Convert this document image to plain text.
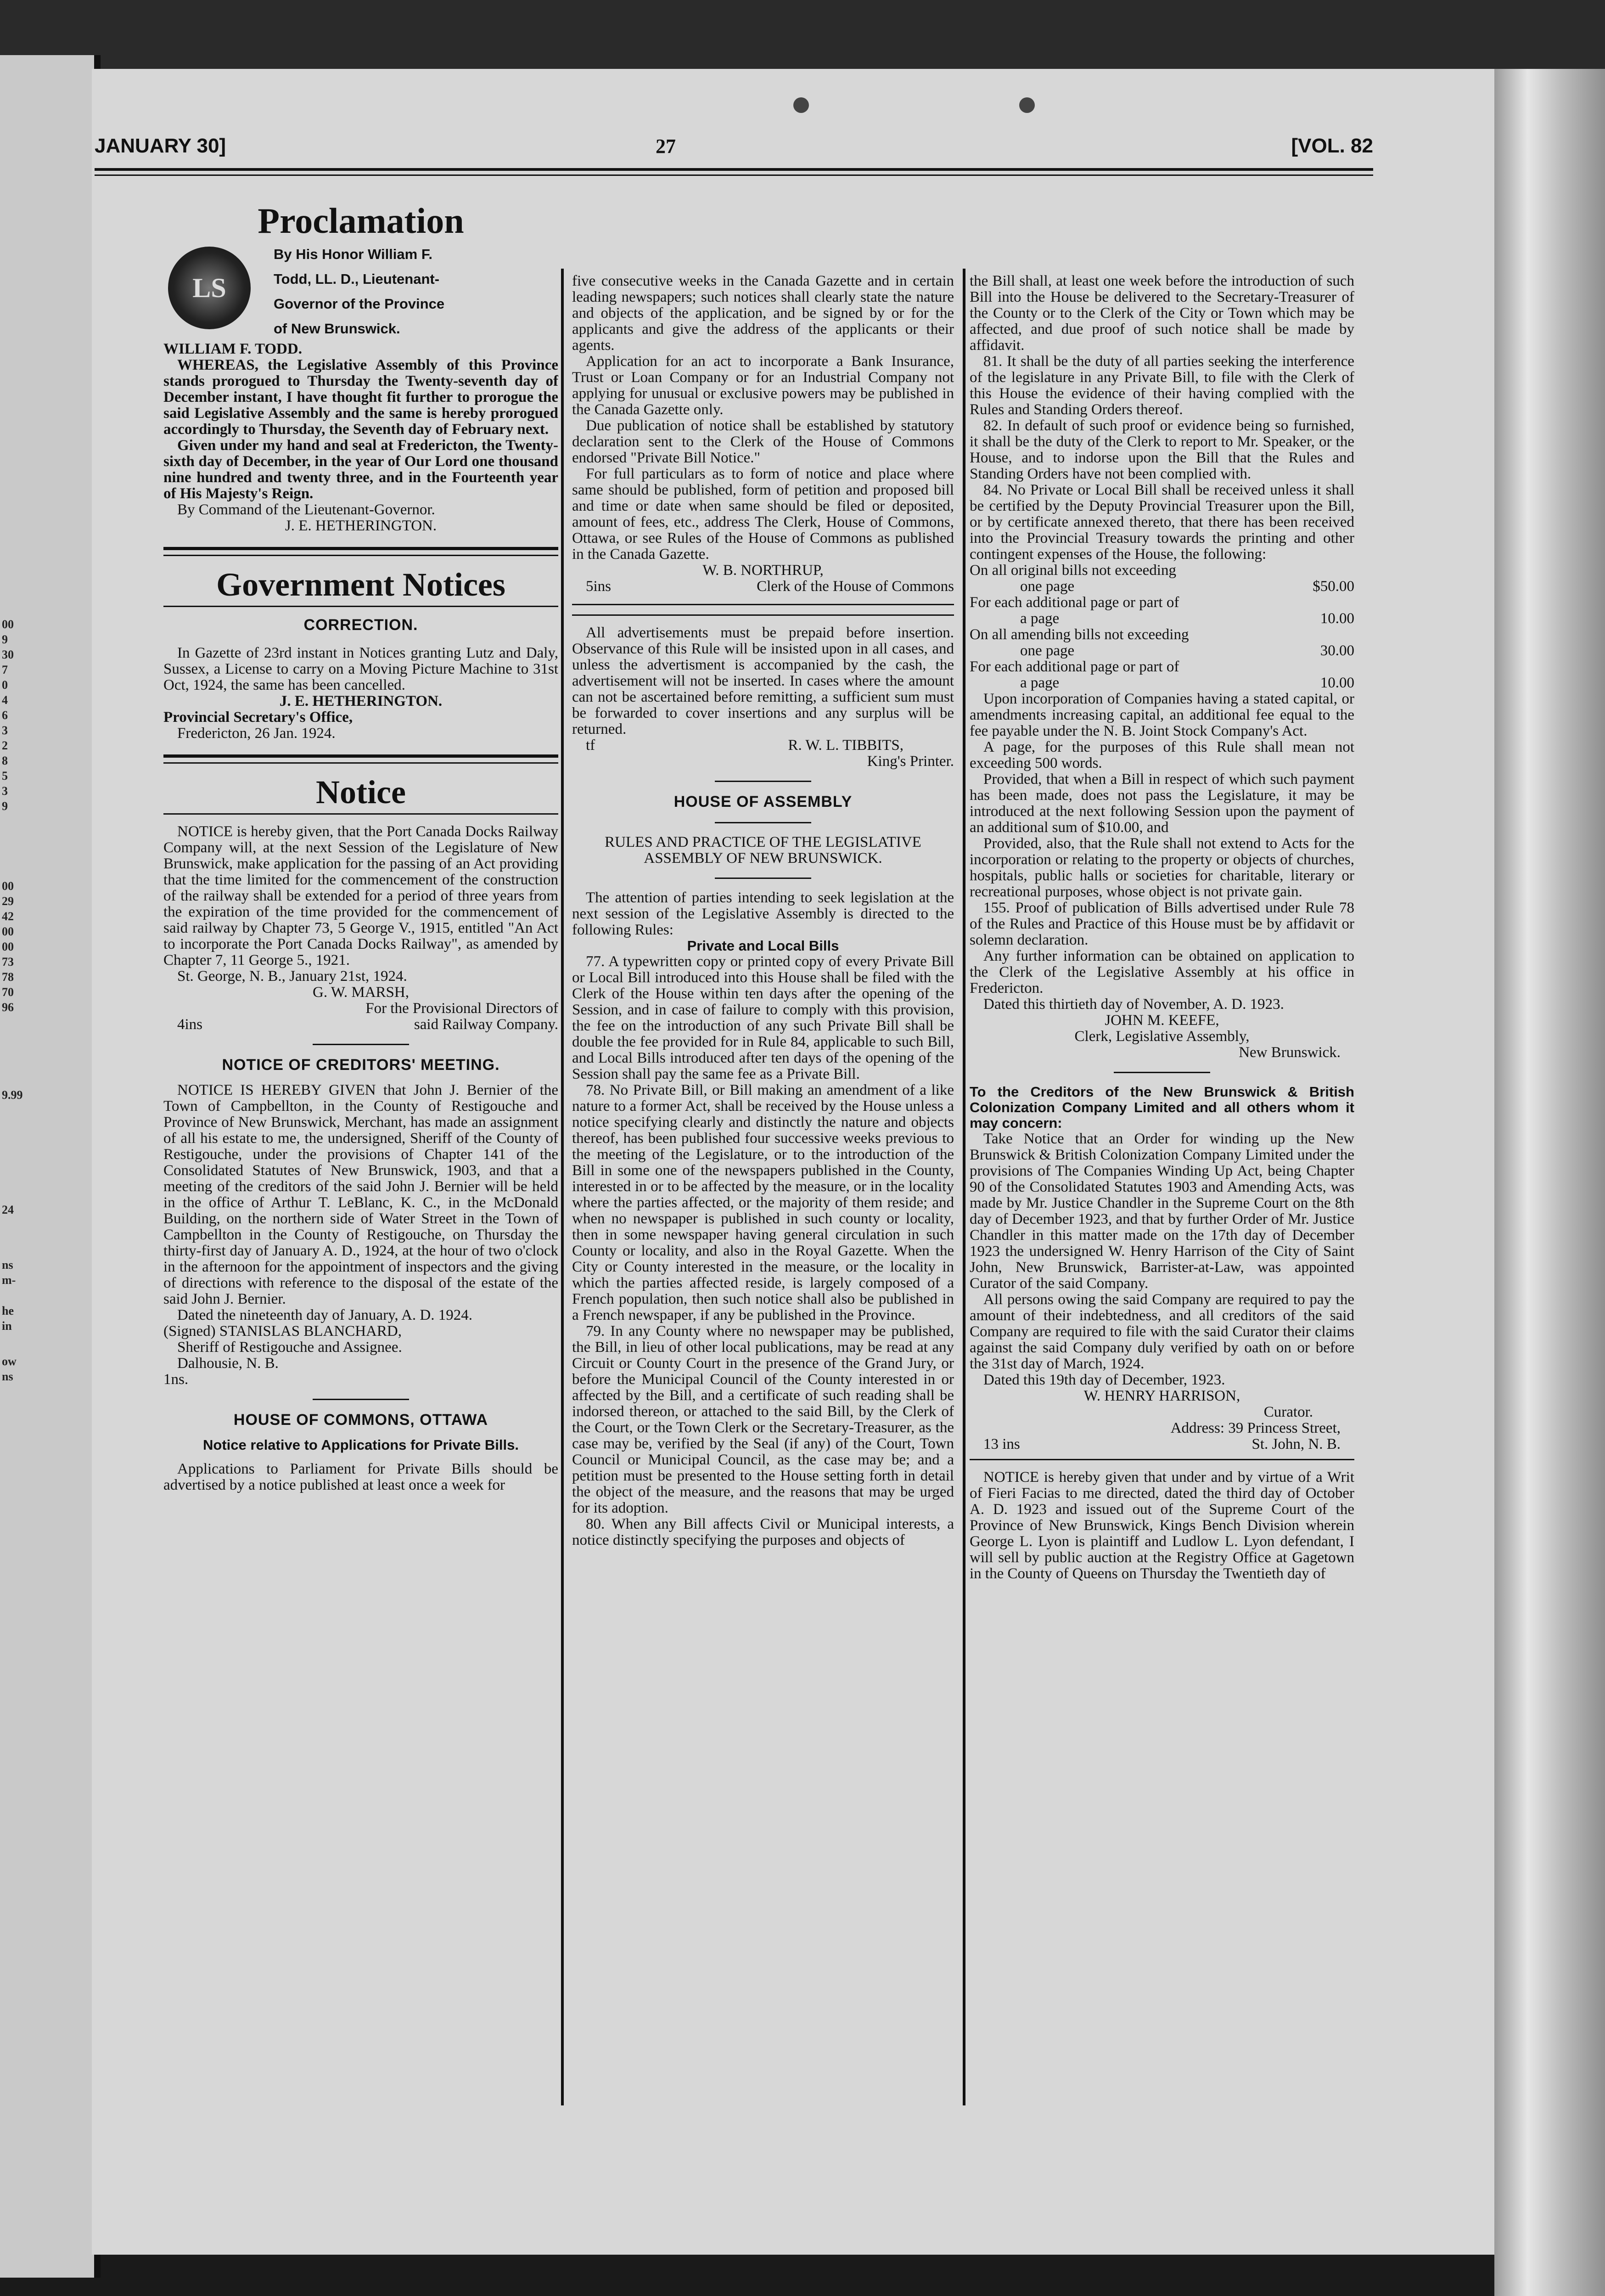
00
9
30
7
0
4
6
3
2
8
5
3
9
00
29
42
00
00
73
78
70
96
9.99
24
ns
m-
he
in
ow
ns
JANUARY 30]	27	[VOL. 82

Proclamation

LS

By His Honor William F.

Todd, LL. D., Lieutenant-

Governor of the Province

of New Brunswick.

WILLIAM F. TODD.

WHEREAS, the Legislative Assembly of this Province stands prorogued to Thursday the Twenty-seventh day of December instant, I have thought fit further to prorogue the said Legislative Assembly and the same is hereby prorogued accordingly to Thursday, the Seventh day of February next.

Given under my hand and seal at Fredericton, the Twenty-sixth day of December, in the year of Our Lord one thousand nine hundred and twenty three, and in the Fourteenth year of His Majesty's Reign.

By Command of the Lieutenant-Governor.

J. E. HETHERINGTON.

Government Notices

CORRECTION.

In Gazette of 23rd instant in Notices granting Lutz and Daly, Sussex, a License to carry on a Moving Picture Machine to 31st Oct, 1924, the same has been cancelled.

J. E. HETHERINGTON.

Provincial Secretary's Office,

Fredericton, 26 Jan. 1924.

Notice

NOTICE is hereby given, that the Port Canada Docks Railway Company will, at the next Session of the Legislature of New Brunswick, make application for the passing of an Act providing that the time limited for the commencement of the construction of the railway shall be extended for a period of three years from the expiration of the time provided for the commencement of said railway by Chapter 73, 5 George V., 1915, entitled "An Act to incorporate the Port Canada Docks Railway", as amended by Chapter 7, 11 George 5., 1921.

St. George, N. B., January 21st, 1924.

G. W. MARSH,

For the Provisional Directors of

4ins	said Railway Company.

NOTICE OF CREDITORS' MEETING.

NOTICE IS HEREBY GIVEN that John J. Bernier of the Town of Campbellton, in the County of Restigouche and Province of New Brunswick, Merchant, has made an assignment of all his estate to me, the undersigned, Sheriff of the County of Restigouche, under the provisions of Chapter 141 of the Consolidated Statutes of New Brunswick, 1903, and that a meeting of the creditors of the said John J. Bernier will be held in the office of Arthur T. LeBlanc, K. C., in the McDonald Building, on the northern side of Water Street in the Town of Campbellton in the County of Restigouche, on Thursday the thirty-first day of January A. D., 1924, at the hour of two o'clock in the afternoon for the appointment of inspectors and the giving of directions with reference to the disposal of the estate of the said John J. Bernier.

Dated the nineteenth day of January, A. D. 1924.

(Signed) STANISLAS BLANCHARD,

Sheriff of Restigouche and Assignee.

Dalhousie, N. B.

1ns.

HOUSE OF COMMONS, OTTAWA

Notice relative to Applications for Private Bills.

Applications to Parliament for Private Bills should be advertised by a notice published at least once a week for

five consecutive weeks in the Canada Gazette and in certain leading newspapers; such notices shall clearly state the nature and objects of the application, and be signed by or for the applicants and give the address of the applicants or their agents.

Application for an act to incorporate a Bank Insurance, Trust or Loan Company or for an Industrial Company not applying for unusual or exclusive powers may be published in the Canada Gazette only.

Due publication of notice shall be established by statutory declaration sent to the Clerk of the House of Commons endorsed "Private Bill Notice."

For full particulars as to form of notice and place where same should be published, form of petition and proposed bill and time or date when same should be filed or deposited, amount of fees, etc., address The Clerk, House of Commons, Ottawa, or see Rules of the House of Commons as published in the Canada Gazette.

W. B. NORTHRUP,

5ins	Clerk of the House of Commons

All advertisements must be prepaid before insertion. Observance of this Rule will be insisted upon in all cases, and unless the advertisment is accompanied by the cash, the advertisement will not be inserted. In cases where the amount can not be ascertained before remitting, a sufficient sum must be forwarded to cover insertions and any surplus will be returned.

tf	R. W. L. TIBBITS,

King's Printer.

HOUSE OF ASSEMBLY

RULES AND PRACTICE OF THE LEGISLATIVE ASSEMBLY OF NEW BRUNSWICK.

The attention of parties intending to seek legislation at the next session of the Legislative Assembly is directed to the following Rules:

Private and Local Bills

77. A typewritten copy or printed copy of every Private Bill or Local Bill introduced into this House shall be filed with the Clerk of the House within ten days after the opening of the Session, and in case of failure to comply with this provision, the fee on the introduction of any such Private Bill shall be double the fee provided for in Rule 84, applicable to such Bill, and Local Bills introduced after ten days of the opening of the Session shall pay the same fee as a Private Bill.

78. No Private Bill, or Bill making an amendment of a like nature to a former Act, shall be received by the House unless a notice specifying clearly and distinctly the nature and objects thereof, has been published four successive weeks previous to the meeting of the Legislature, or to the introduction of the Bill in some one of the newspapers published in the County, interested in or to be affected by the measure, or in the locality where the parties affected, or the majority of them reside; and when no newspaper is published in such county or locality, then in some newspaper having general circulation in such County or locality, and also in the Royal Gazette. When the City or County interested in the measure, or the locality in which the parties affected reside, is largely composed of a French population, then such notice shall also be published in a French newspaper, if any be published in the Province.

79. In any County where no newspaper may be published, the Bill, in lieu of other local publications, may be read at any Circuit or County Court in the presence of the Grand Jury, or before the Municipal Council of the County interested in or affected by the Bill, and a certificate of such reading shall be indorsed thereon, or attached to the said Bill, by the Clerk of the Court, or the Town Clerk or the Secretary-Treasurer, as the case may be, verified by the Seal (if any) of the Court, Town Council or Municipal Council, as the case may be; and a petition must be presented to the House setting forth in detail the object of the measure, and the reasons that may be urged for its adoption.

80. When any Bill affects Civil or Municipal interests, a notice distinctly specifying the purposes and objects of

the Bill shall, at least one week before the introduction of such Bill into the House be delivered to the Secretary-Treasurer of the County or to the Clerk of the City or Town which may be affected, and due proof of such notice shall be made by affidavit.

81. It shall be the duty of all parties seeking the interference of the legislature in any Private Bill, to file with the Clerk of this House the evidence of their having complied with the Rules and Standing Orders thereof.

82. In default of such proof or evidence being so furnished, it shall be the duty of the Clerk to report to Mr. Speaker, or the House, and to indorse upon the Bill that the Rules and Standing Orders have not been complied with.

84. No Private or Local Bill shall be received unless it shall be certified by the Deputy Provincial Treasurer upon the Bill, or by certificate annexed thereto, that there has been received into the Provincial Treasury towards the printing and other contingent expenses of the House, the following:

On all original bills not exceeding

one page	$50.00

For each additional page or part of

a page	10.00

On all amending bills not exceeding

one page	30.00

For each additional page or part of

a page	10.00

Upon incorporation of Companies having a stated capital, or amendments increasing capital, an additional fee equal to the fee payable under the N. B. Joint Stock Company's Act.

A page, for the purposes of this Rule shall mean not exceeding 500 words.

Provided, that when a Bill in respect of which such payment has been made, does not pass the Legislature, it may be introduced at the next following Session upon the payment of an additional sum of $10.00, and

Provided, also, that the Rule shall not extend to Acts for the incorporation or relating to the property or objects of churches, hospitals, public halls or societies for charitable, literary or recreational purposes, whose object is not private gain.

155. Proof of publication of Bills advertised under Rule 78 of the Rules and Practice of this House must be by affidavit or solemn declaration.

Any further information can be obtained on application to the Clerk of the Legislative Assembly at his office in Fredericton.

Dated this thirtieth day of November, A. D. 1923.

JOHN M. KEEFE,

Clerk, Legislative Assembly,

New Brunswick.

To the Creditors of the New Brunswick & British Colonization Company Limited and all others whom it may concern:

Take Notice that an Order for winding up the New Brunswick & British Colonization Company Limited under the provisions of The Companies Winding Up Act, being Chapter 90 of the Consolidated Statutes 1903 and Amending Acts, was made by Mr. Justice Chandler in the Supreme Court on the 8th day of December 1923, and that by further Order of Mr. Justice Chandler in this matter made on the 17th day of December 1923 the undersigned W. Henry Harrison of the City of Saint John, New Brunswick, Barrister-at-Law, was appointed Curator of the said Company.

All persons owing the said Company are required to pay the amount of their indebtedness, and all creditors of the said Company are required to file with the said Curator their claims against the said Company duly verified by oath on or before the 31st day of March, 1924.

Dated this 19th day of December, 1923.

W. HENRY HARRISON,

Curator.

Address: 39 Princess Street,

13 ins	St. John, N. B.

NOTICE is hereby given that under and by virtue of a Writ of Fieri Facias to me directed, dated the third day of October A. D. 1923 and issued out of the Supreme Court of the Province of New Brunswick, Kings Bench Division wherein George L. Lyon is plaintiff and Ludlow L. Lyon defendant, I will sell by public auction at the Registry Office at Gagetown in the County of Queens on Thursday the Twentieth day of
